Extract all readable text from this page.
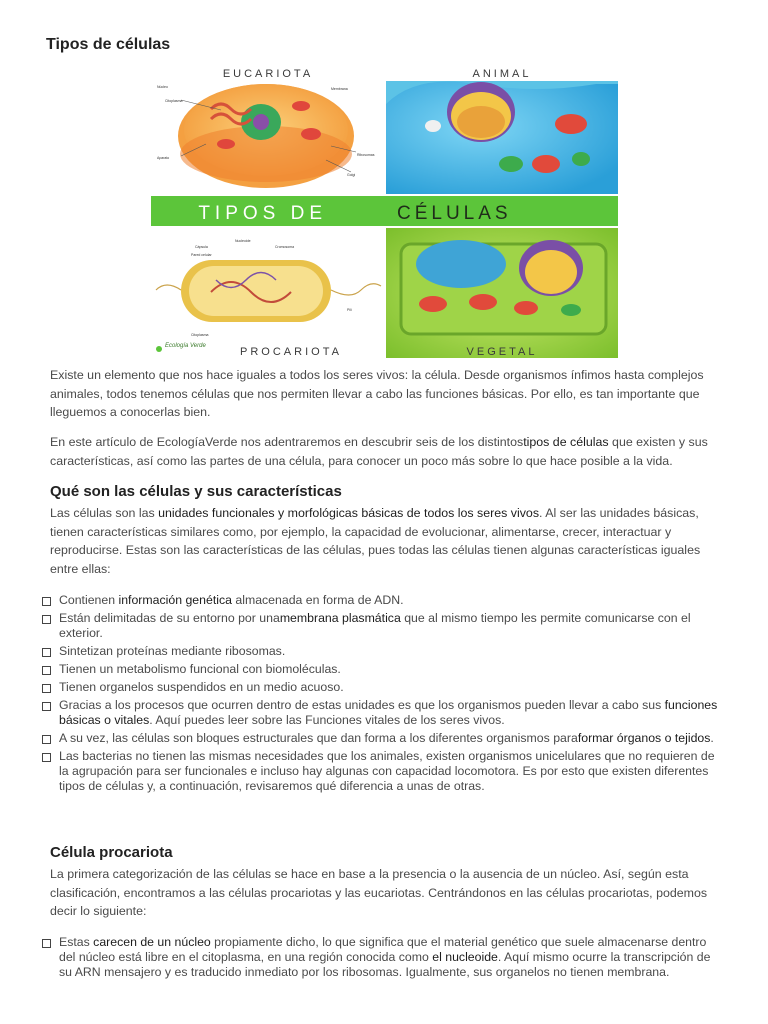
Tipos de células
EUCARIOTA
Núcleo
Citoplasma
Aparato
Membrana
Ribosomas
Golgi
ANIMAL
TIPOS DE	CÉLULAS
Cápsula
Pared celular
Nucleoide
Cromosoma
Pili
Citoplasma
Ecología Verde	PROCARIOTA	VEGETAL

Existe un elemento que nos hace iguales a todos los seres vivos: la célula. Desde organismos ínfimos hasta complejos animales, todos tenemos células que nos permiten llevar a cabo las funciones básicas. Por ello, es tan importante que lleguemos a conocerlas bien.

En este artículo de EcologíaVerde nos adentraremos en descubrir seis de los distintostipos de células que existen y sus características, así como las partes de una célula, para conocer un poco más sobre lo que hace posible a la vida.

Qué son las células y sus características

Las células son las unidades funcionales y morfológicas básicas de todos los seres vivos. Al ser las unidades básicas, tienen características similares como, por ejemplo, la capacidad de evolucionar, alimentarse, crecer, interactuar y reproducirse. Estas son las características de las células, pues todas las células tienen algunas características iguales entre ellas:

Contienen información genética almacenada en forma de ADN.
Están delimitadas de su entorno por unamembrana plasmática que al mismo tiempo les permite comunicarse con el exterior.
Sintetizan proteínas mediante ribosomas.
Tienen un metabolismo funcional con biomoléculas.
Tienen organelos suspendidos en un medio acuoso.
Gracias a los procesos que ocurren dentro de estas unidades es que los organismos pueden llevar a cabo sus funciones básicas o vitales. Aquí puedes leer sobre las Funciones vitales de los seres vivos.
A su vez, las células son bloques estructurales que dan forma a los diferentes organismos paraformar órganos o tejidos.
Las bacterias no tienen las mismas necesidades que los animales, existen organismos unicelulares que no requieren de la agrupación para ser funcionales e incluso hay algunas con capacidad locomotora. Es por esto que existen diferentes tipos de células y, a continuación, revisaremos qué diferencia a unas de otras.
Célula procariota

La primera categorización de las células se hace en base a la presencia o la ausencia de un núcleo. Así, según esta clasificación, encontramos a las células procariotas y las eucariotas. Centrándonos en las células procariotas, podemos decir lo siguiente:

Estas carecen de un núcleo propiamente dicho, lo que significa que el material genético que suele almacenarse dentro del núcleo está libre en el citoplasma, en una región conocida como el nucleoide. Aquí mismo ocurre la transcripción de su ARN mensajero y es traducido inmediato por los ribosomas. Igualmente, sus organelos no tienen membrana.
